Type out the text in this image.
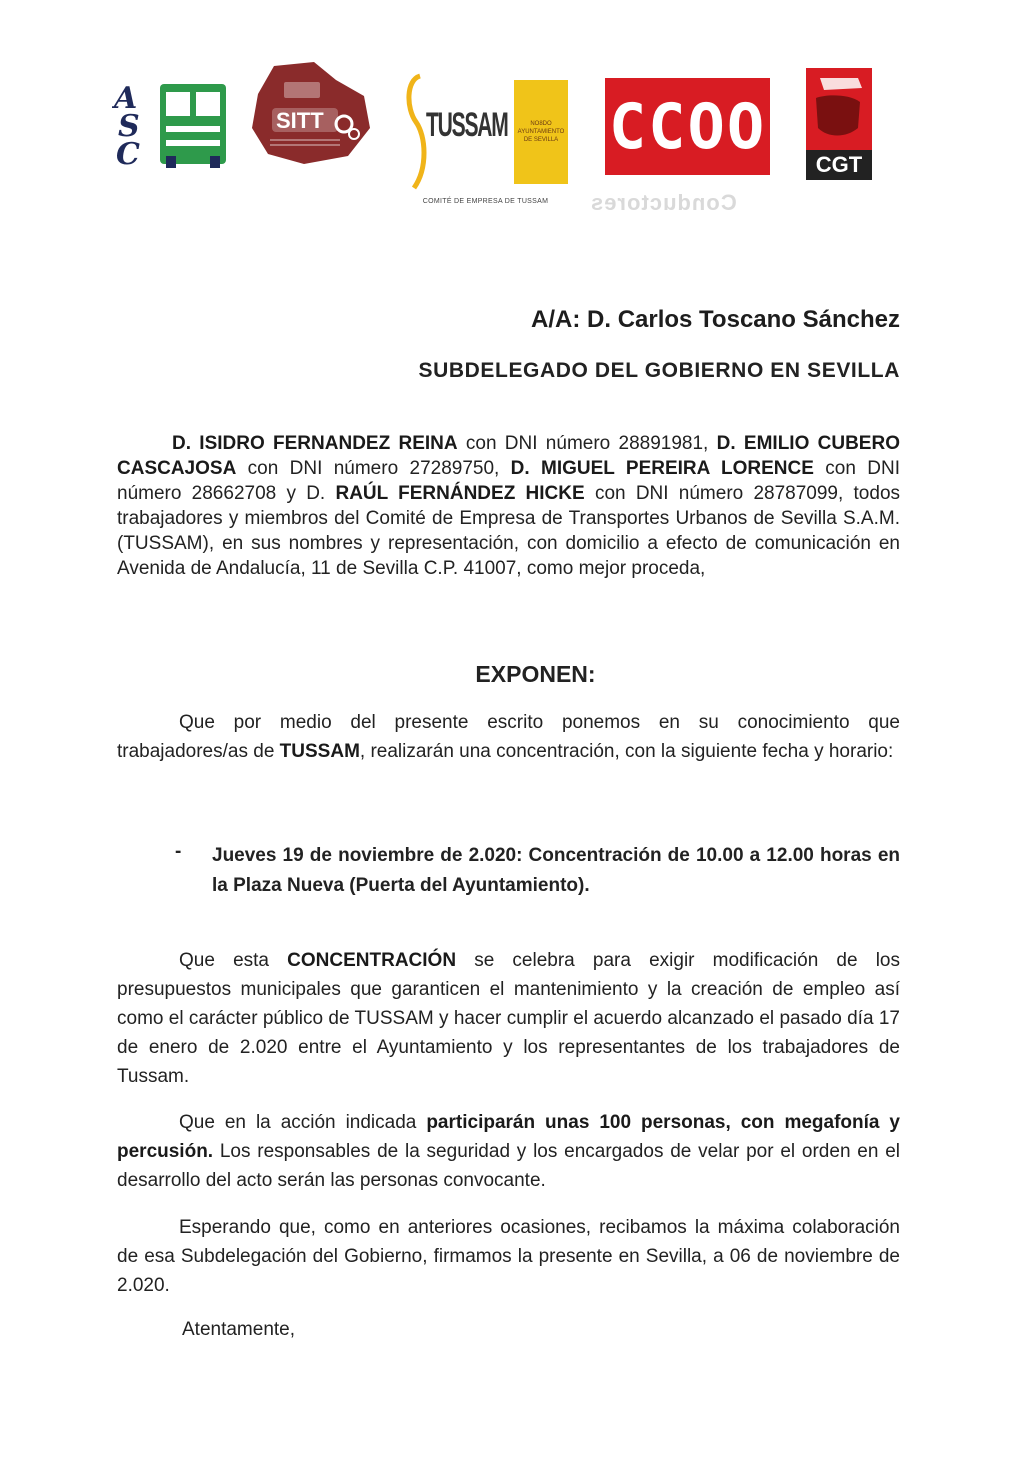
A
S
C
SITT	TUSSAM	NO8DO AYUNTAMIENTO DE SEVILLA
COMITÉ DE EMPRESA DE TUSSAM
CCOO
CGT
Conductores
A/A: D. Carlos Toscano Sánchez
SUBDELEGADO DEL GOBIERNO EN SEVILLA
D. ISIDRO FERNANDEZ REINA con DNI número 28891981, D. EMILIO CUBERO CASCAJOSA con DNI número 27289750, D. MIGUEL PEREIRA LORENCE con DNI número 28662708 y D. RAÚL FERNÁNDEZ HICKE con DNI número 28787099, todos trabajadores y miembros del Comité de Empresa de Transportes Urbanos de Sevilla S.A.M. (TUSSAM), en sus nombres y representación, con domicilio a efecto de comunicación en Avenida de Andalucía, 11 de Sevilla C.P. 41007, como mejor proceda,
EXPONEN:
Que por medio del presente escrito ponemos en su conocimiento que trabajadores/as de TUSSAM, realizarán una concentración, con la siguiente fecha y horario:
- Jueves 19 de noviembre de 2.020: Concentración de 10.00 a 12.00 horas en la Plaza Nueva (Puerta del Ayuntamiento).
Que esta CONCENTRACIÓN se celebra para exigir modificación de los presupuestos municipales que garanticen el mantenimiento y la creación de empleo así como el carácter público de TUSSAM y hacer cumplir el acuerdo alcanzado el pasado día 17 de enero de 2.020 entre el Ayuntamiento y los representantes de los trabajadores de Tussam.
Que en la acción indicada participarán unas 100 personas, con megafonía y percusión. Los responsables de la seguridad y los encargados de velar por el orden en el desarrollo del acto serán las personas convocante.
Esperando que, como en anteriores ocasiones, recibamos la máxima colaboración de esa Subdelegación del Gobierno, firmamos la presente en Sevilla, a 06 de noviembre de 2.020.
Atentamente,
